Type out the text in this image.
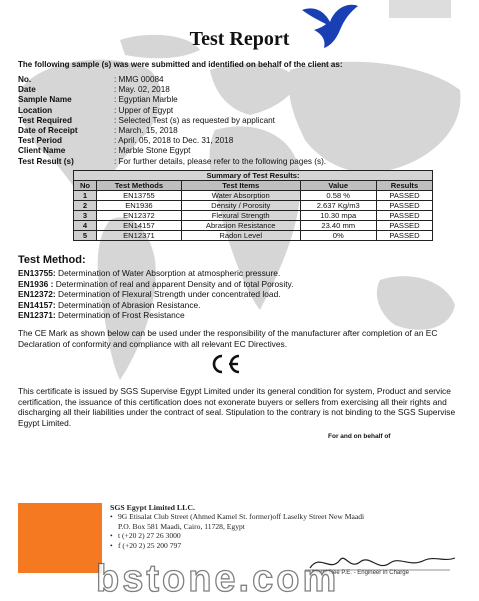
SGS
Test Report
The following sample (s) was were submitted and identified on behalf of the client as:
No.	: MMG 00084
Date	: May. 02, 2018
Sample Name	: Egyptian Marble
Location	: Upper of Egypt
Test Required	: Selected Test (s) as requested by applicant
Date of Receipt	: March. 15, 2018
Test Period	: April. 05, 2018 to Dec. 31, 2018
Client Name	: Marble Stone Egypt
Test Result (s)	: For further details, please refer to the following pages (s).
Summary of Test Results:				
No	Test Methods	Test Items	Value	Results
1	EN13755	Water Absorption	0.58 %	PASSED
2	EN1936	Density / Porosity	2.637 Kg/m3	PASSED
3	EN12372	Flexural Strength	10.30 mpa	PASSED
4	EN14157	Abrasion Resistance	23.40 mm	PASSED
5	EN12371	Radon Level	0%	PASSED
Test Method:
EN13755: Determination of Water Absorption at atmospheric pressure.
EN1936 : Determination of real and apparent Density and of total Porosity.
EN12372: Determination of Flexural Strength under concentrated load.
EN14157: Determination of Abrasion Resistance.
EN12371: Determination of Frost Resistance
The CE Mark as shown below can be used under the responsibility of the manufacturer after completion of an EC Declaration of conformity and compliance with all relevant EC Directives.
This certificate is issued by SGS Supervise Egypt Limited under its general condition for system, Product and service certification, the issuance of this certification does not exonerate buyers or sellers from exercising all their rights and discharging all their liabilities under the contract of seal. Stipulation to the contrary is not binding to the SGS Supervise Egypt Limited.
For and on behalf of
SGS Egypt Limited LLC.
• 9G Etisalat Club Street (Ahmed Kamel St. former)off Laselky Street New Maadi
P.O. Box 581 Maadi, Cairo, 11728, Egypt
• t (+20 2) 27 26 3000
• f (+20 2) 25 200 797
Merril Dee P.E. - Engineer in Charge
bstone.com
